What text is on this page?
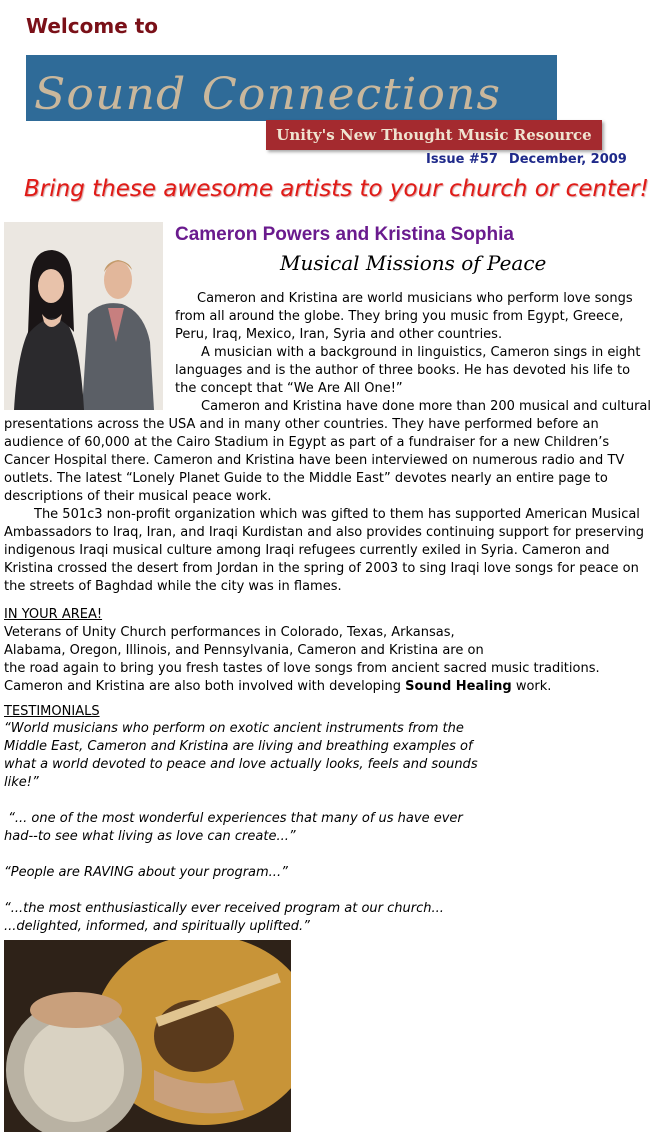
Welcome to
Sound Connections
Unity's New Thought Music Resource

Issue #57 December, 2009

Bring these awesome artists to your church or center!

Cameron Powers and Kristina Sophia

Musical Missions of Peace

Cameron and Kristina are world musicians who perform love songs from all around the globe. They bring you music from Egypt, Greece, Peru, Iraq, Mexico, Iran, Syria and other countries.

A musician with a background in linguistics, Cameron sings in eight languages and is the author of three books. He has devoted his life to the concept that “We Are All One!”

Cameron and Kristina have done more than 200 musical and cultural presentations across the USA and in many other countries. They have performed before an audience of 60,000 at the Cairo Stadium in Egypt as part of a fundraiser for a new Children’s Cancer Hospital there. Cameron and Kristina have been interviewed on numerous radio and TV outlets. The latest “Lonely Planet Guide to the Middle East” devotes nearly an entire page to descriptions of their musical peace work.

The 501c3 non-profit organization which was gifted to them has supported American Musical Ambassadors to Iraq, Iran, and Iraqi Kurdistan and also provides continuing support for preserving indigenous Iraqi musical culture among Iraqi refugees currently exiled in Syria. Cameron and Kristina crossed the desert from Jordan in the spring of 2003 to sing Iraqi love songs for peace on the streets of Baghdad while the city was in flames.

IN YOUR AREA!
Veterans of Unity Church performances in Colorado, Texas, Arkansas,
Alabama, Oregon, Illinois, and Pennsylvania, Cameron and Kristina are on
the road again to bring you fresh tastes of love songs from ancient sacred music traditions.
Cameron and Kristina are also both involved with developing Sound Healing work.
TESTIMONIALS
“World musicians who perform on exotic ancient instruments from the
Middle East, Cameron and Kristina are living and breathing examples of
what a world devoted to peace and love actually looks, feels and sounds
like!”
“... one of the most wonderful experiences that many of us have ever
had--to see what living as love can create...”
“People are RAVING about your program...”
“...the most enthusiastically ever received program at our church...
...delighted, informed, and spiritually uplifted.”
